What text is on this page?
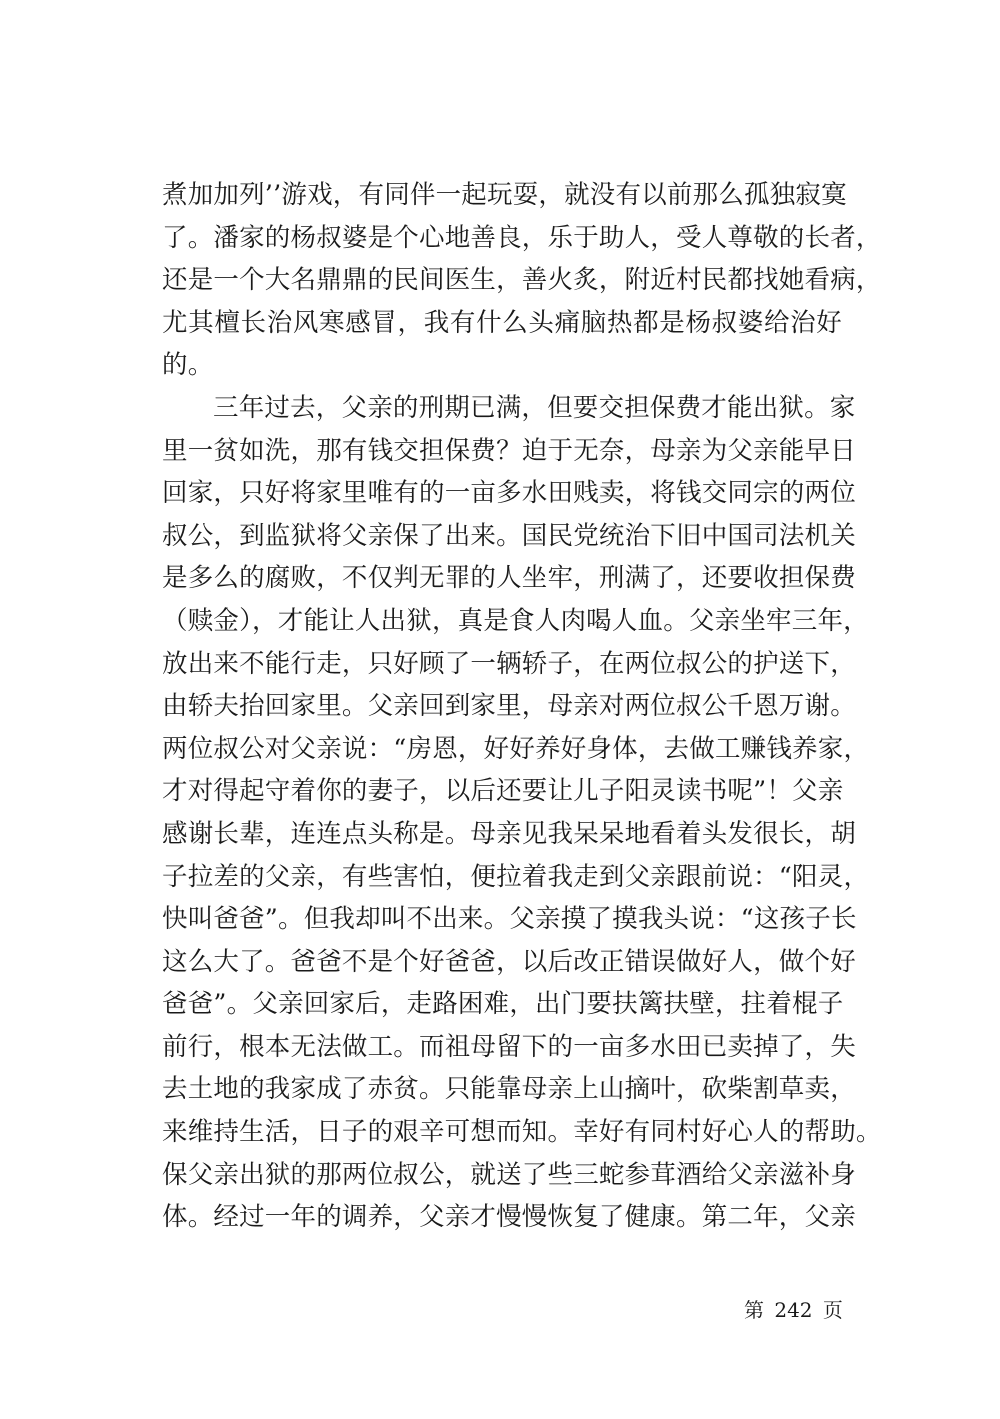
煮加加列’’游戏，有同伴一起玩耍，就没有以前那么孤独寂寞
了。潘家的杨叔婆是个心地善良，乐于助人，受人尊敬的长者，
还是一个大名鼎鼎的民间医生，善火炙，附近村民都找她看病，
尤其檀长治风寒感冒，我有什么头痛脑热都是杨叔婆给治好
的。
三年过去，父亲的刑期已满，但要交担保费才能出狱。家
里一贫如洗，那有钱交担保费？迫于无奈，母亲为父亲能早日
回家，只好将家里唯有的一亩多水田贱卖，将钱交同宗的两位
叔公，到监狱将父亲保了出来。国民党统治下旧中国司法机关
是多么的腐败，不仅判无罪的人坐牢，刑满了，还要收担保费
（赎金），才能让人出狱，真是食人肉喝人血。父亲坐牢三年，
放出来不能行走，只好顾了一辆轿子，在两位叔公的护送下，
由轿夫抬回家里。父亲回到家里，母亲对两位叔公千恩万谢。
两位叔公对父亲说：“房恩，好好养好身体，去做工赚钱养家，
才对得起守着你的妻子，以后还要让儿子阳灵读书呢”！父亲
感谢长辈，连连点头称是。母亲见我呆呆地看着头发很长，胡
子拉差的父亲，有些害怕，便拉着我走到父亲跟前说：“阳灵，
快叫爸爸”。但我却叫不出来。父亲摸了摸我头说：“这孩子长
这么大了。爸爸不是个好爸爸，以后改正错误做好人，做个好
爸爸”。父亲回家后，走路困难，出门要扶篱扶壁，拄着棍子
前行，根本无法做工。而祖母留下的一亩多水田已卖掉了，失
去土地的我家成了赤贫。只能靠母亲上山摘叶，砍柴割草卖，
来维持生活，日子的艰辛可想而知。幸好有同村好心人的帮助。
保父亲出狱的那两位叔公，就送了些三蛇参茸酒给父亲滋补身
体。经过一年的调养，父亲才慢慢恢复了健康。第二年，父亲
第 242 页
